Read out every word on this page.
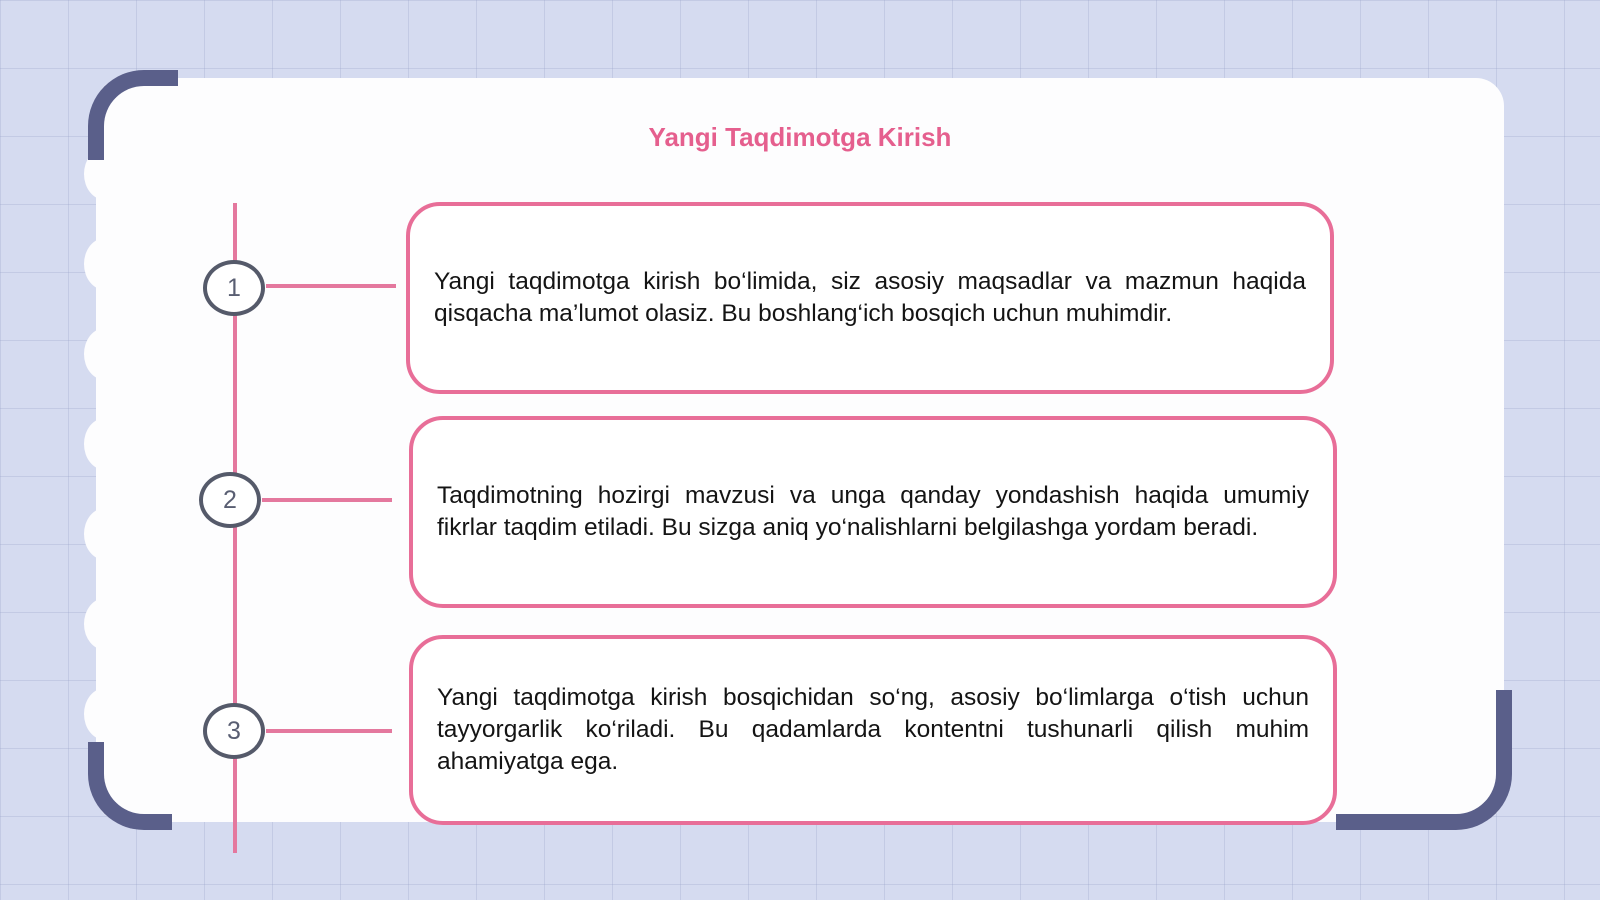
Yangi Taqdimotga Kirish
1	Yangi taqdimotga kirish bo‘limida, siz asosiy maqsadlar va mazmun haqida qisqacha ma’lumot olasiz. Bu boshlang‘ich bosqich uchun muhimdir.
2	Taqdimotning hozirgi mavzusi va unga qanday yondashish haqida umumiy fikrlar taqdim etiladi. Bu sizga aniq yo‘nalishlarni belgilashga yordam beradi.
3
Yangi taqdimotga kirish bosqichidan so‘ng, asosiy bo‘limlarga o‘tish uchun tayyorgarlik ko‘riladi. Bu qadamlarda kontentni tushunarli qilish muhim ahamiyatga ega.
